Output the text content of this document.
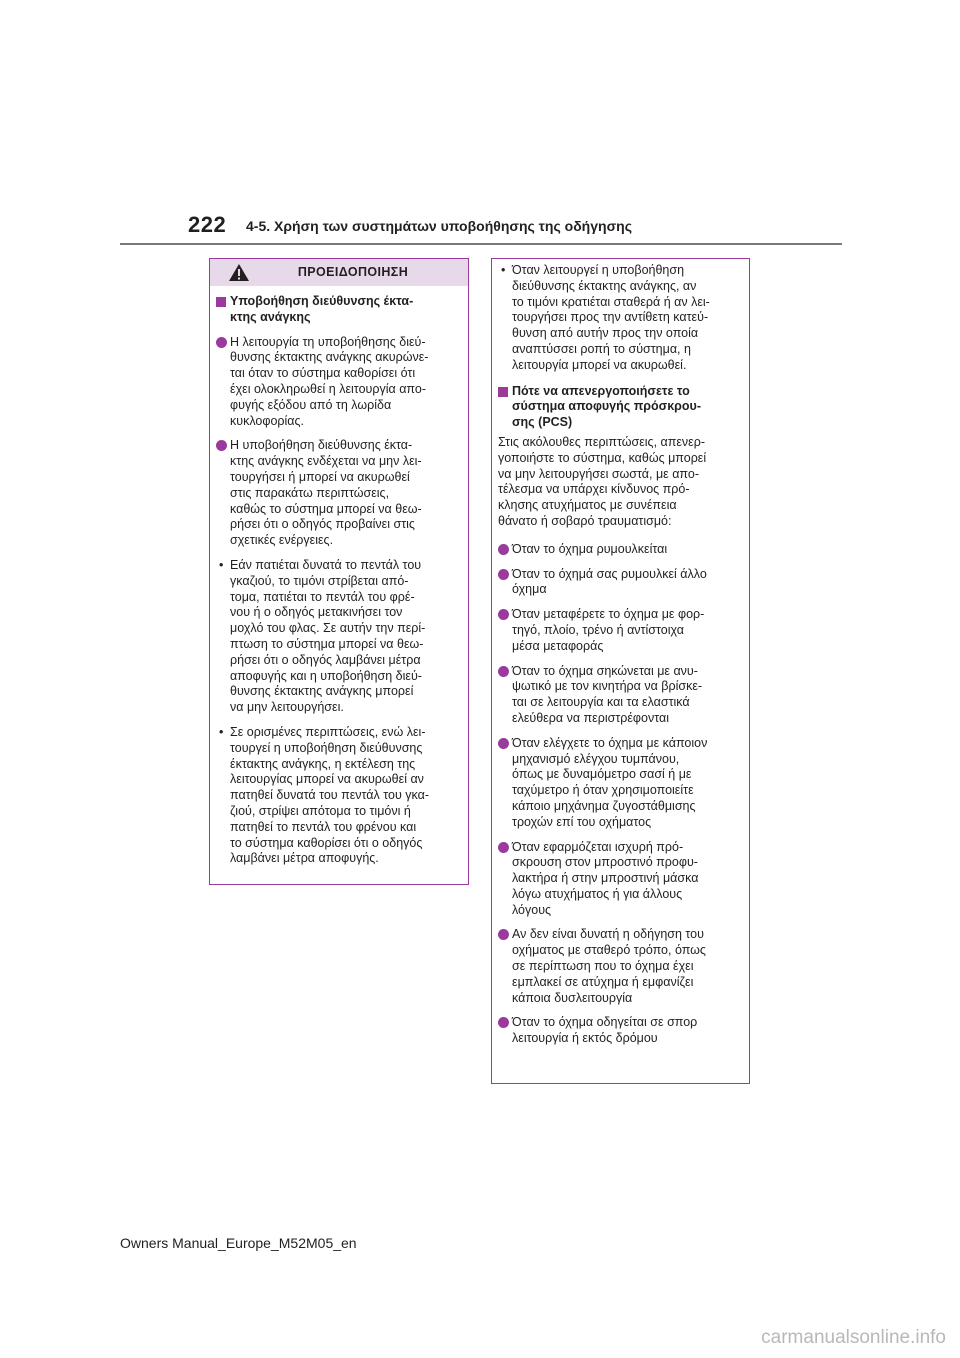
222 4-5. Χρήση των συστημάτων υποβοήθησης της οδήγησης
ΠΡΟΕΙΔΟΠΟΙΗΣΗ
Υποβοήθηση διεύθυνσης έκτα-
κτης ανάγκης
Η λειτουργία τη υποβοήθησης διεύ-
θυνσης έκτακτης ανάγκης ακυρώνε-
ται όταν το σύστημα καθορίσει ότι
έχει ολοκληρωθεί η λειτουργία απο-
φυγής εξόδου από τη λωρίδα
κυκλοφορίας.
Η υποβοήθηση διεύθυνσης έκτα-
κτης ανάγκης ενδέχεται να μην λει-
τουργήσει ή μπορεί να ακυρωθεί
στις παρακάτω περιπτώσεις,
καθώς το σύστημα μπορεί να θεω-
ρήσει ότι ο οδηγός προβαίνει στις
σχετικές ενέργειες.
• Εάν πατιέται δυνατά το πεντάλ του
γκαζιού, το τιμόνι στρίβεται από-
τομα, πατιέται το πεντάλ του φρέ-
νου ή ο οδηγός μετακινήσει τον
μοχλό του φλας. Σε αυτήν την περί-
πτωση το σύστημα μπορεί να θεω-
ρήσει ότι ο οδηγός λαμβάνει μέτρα
αποφυγής και η υποβοήθηση διεύ-
θυνσης έκτακτης ανάγκης μπορεί
να μην λειτουργήσει.
• Σε ορισμένες περιπτώσεις, ενώ λει-
τουργεί η υποβοήθηση διεύθυνσης
έκτακτης ανάγκης, η εκτέλεση της
λειτουργίας μπορεί να ακυρωθεί αν
πατηθεί δυνατά του πεντάλ του γκα-
ζιού, στρίψει απότομα το τιμόνι ή
πατηθεί το πεντάλ του φρένου και
το σύστημα καθορίσει ότι ο οδηγός
λαμβάνει μέτρα αποφυγής.
• Όταν λειτουργεί η υποβοήθηση
διεύθυνσης έκτακτης ανάγκης, αν
το τιμόνι κρατιέται σταθερά ή αν λει-
τουργήσει προς την αντίθετη κατεύ-
θυνση από αυτήν προς την οποία
αναπτύσσει ροπή το σύστημα, η
λειτουργία μπορεί να ακυρωθεί.
Πότε να απενεργοποιήσετε το
σύστημα αποφυγής πρόσκρου-
σης (PCS)
Στις ακόλουθες περιπτώσεις, απενερ-
γοποιήστε το σύστημα, καθώς μπορεί
να μην λειτουργήσει σωστά, με απο-
τέλεσμα να υπάρχει κίνδυνος πρό-
κλησης ατυχήματος με συνέπεια
θάνατο ή σοβαρό τραυματισμό:
Όταν το όχημα ρυμουλκείται
Όταν το όχημά σας ρυμουλκεί άλλο
όχημα
Όταν μεταφέρετε το όχημα με φορ-
τηγό, πλοίο, τρένο ή αντίστοιχα
μέσα μεταφοράς
Όταν το όχημα σηκώνεται με ανυ-
ψωτικό με τον κινητήρα να βρίσκε-
ται σε λειτουργία και τα ελαστικά
ελεύθερα να περιστρέφονται
Όταν ελέγχετε το όχημα με κάποιον
μηχανισμό ελέγχου τυμπάνου,
όπως με δυναμόμετρο σασί ή με
ταχύμετρο ή όταν χρησιμοποιείτε
κάποιο μηχάνημα ζυγοστάθμισης
τροχών επί του οχήματος
Όταν εφαρμόζεται ισχυρή πρό-
σκρουση στον μπροστινό προφυ-
λακτήρα ή στην μπροστινή μάσκα
λόγω ατυχήματος ή για άλλους
λόγους
Αν δεν είναι δυνατή η οδήγηση του
οχήματος με σταθερό τρόπο, όπως
σε περίπτωση που το όχημα έχει
εμπλακεί σε ατύχημα ή εμφανίζει
κάποια δυσλειτουργία
Όταν το όχημα οδηγείται σε σπορ
λειτουργία ή εκτός δρόμου
Owners Manual_Europe_M52M05_en
carmanualsonline.info
